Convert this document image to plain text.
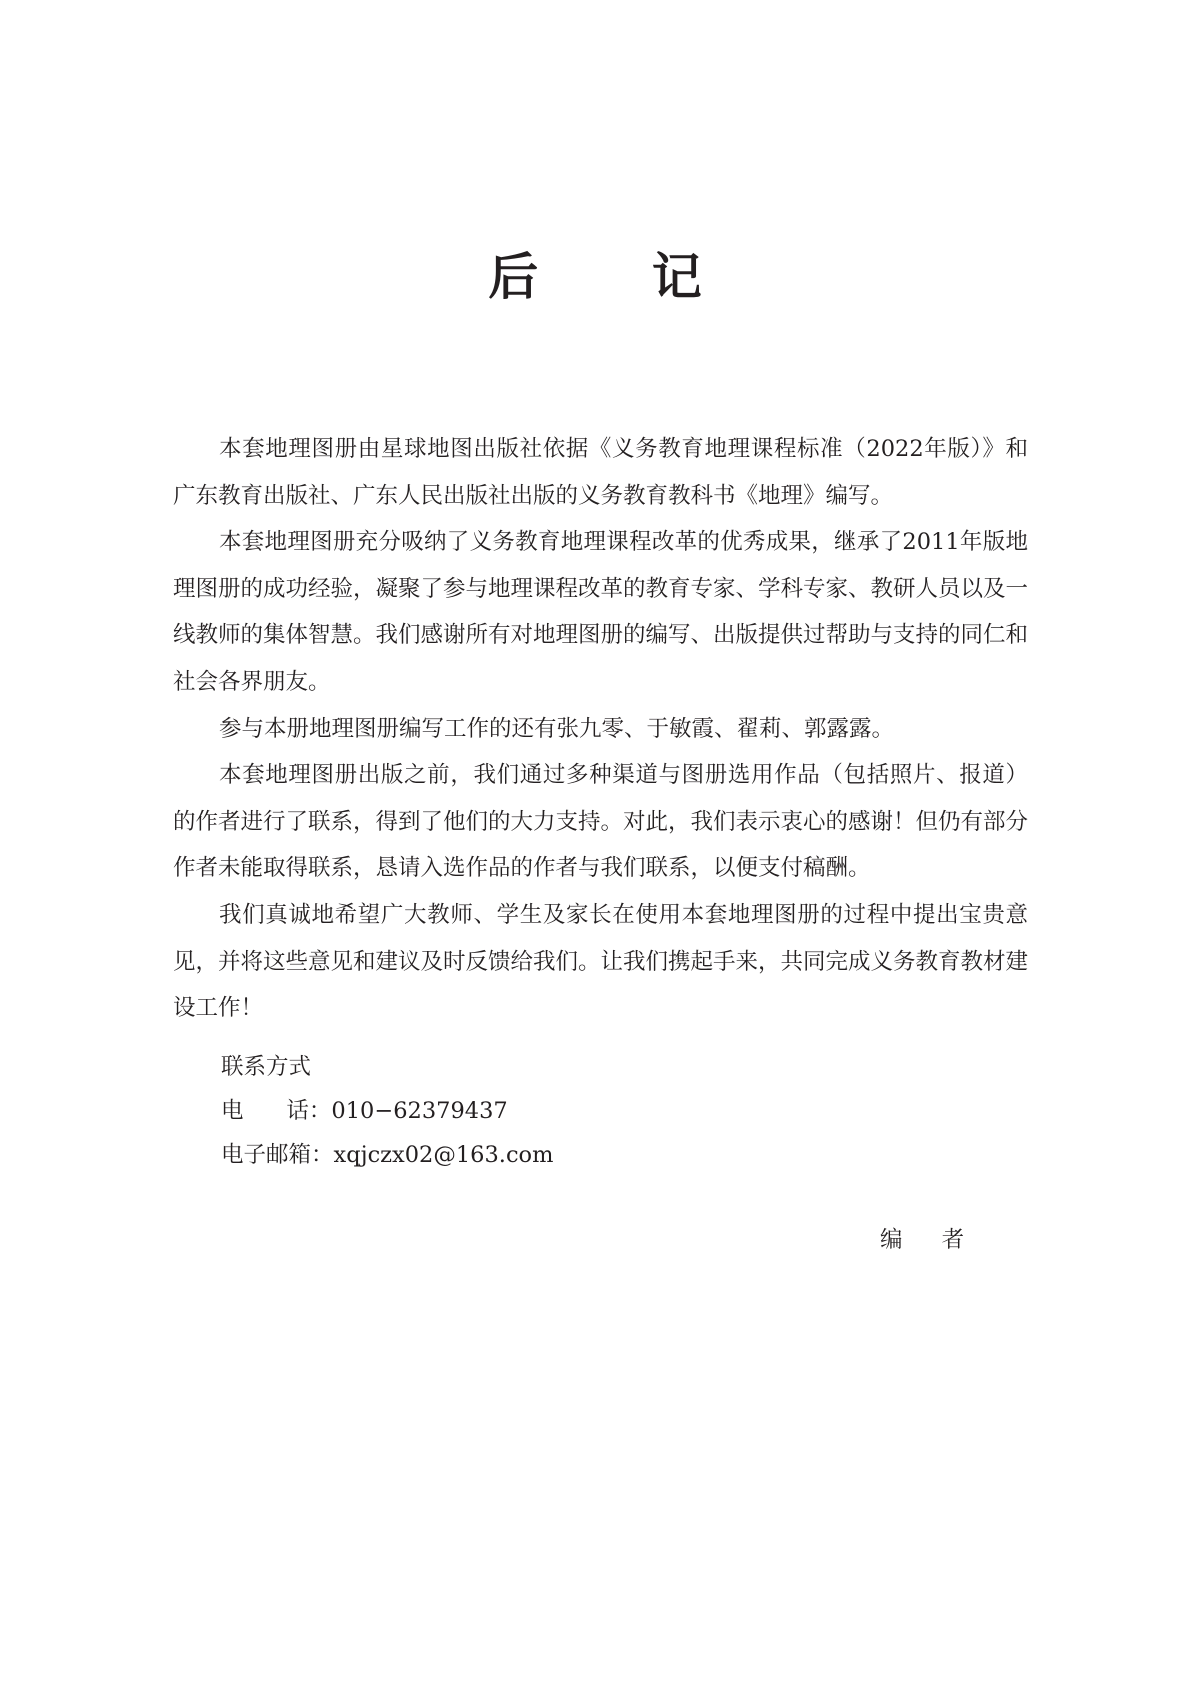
后 记

本套地理图册由星球地图出版社依据《义务教育地理课程标准（2022年版）》和广东教育出版社、广东人民出版社出版的义务教育教科书《地理》编写。

本套地理图册充分吸纳了义务教育地理课程改革的优秀成果，继承了2011年版地理图册的成功经验，凝聚了参与地理课程改革的教育专家、学科专家、教研人员以及一线教师的集体智慧。我们感谢所有对地理图册的编写、出版提供过帮助与支持的同仁和社会各界朋友。

参与本册地理图册编写工作的还有张九零、于敏霞、翟莉、郭露露。

本套地理图册出版之前，我们通过多种渠道与图册选用作品（包括照片、报道）的作者进行了联系，得到了他们的大力支持。对此，我们表示衷心的感谢！但仍有部分作者未能取得联系，恳请入选作品的作者与我们联系，以便支付稿酬。

我们真诚地希望广大教师、学生及家长在使用本套地理图册的过程中提出宝贵意见，并将这些意见和建议及时反馈给我们。让我们携起手来，共同完成义务教育教材建设工作！

联系方式

电      话：010−62379437

电子邮箱：xqjczx02@163.com

编 者
